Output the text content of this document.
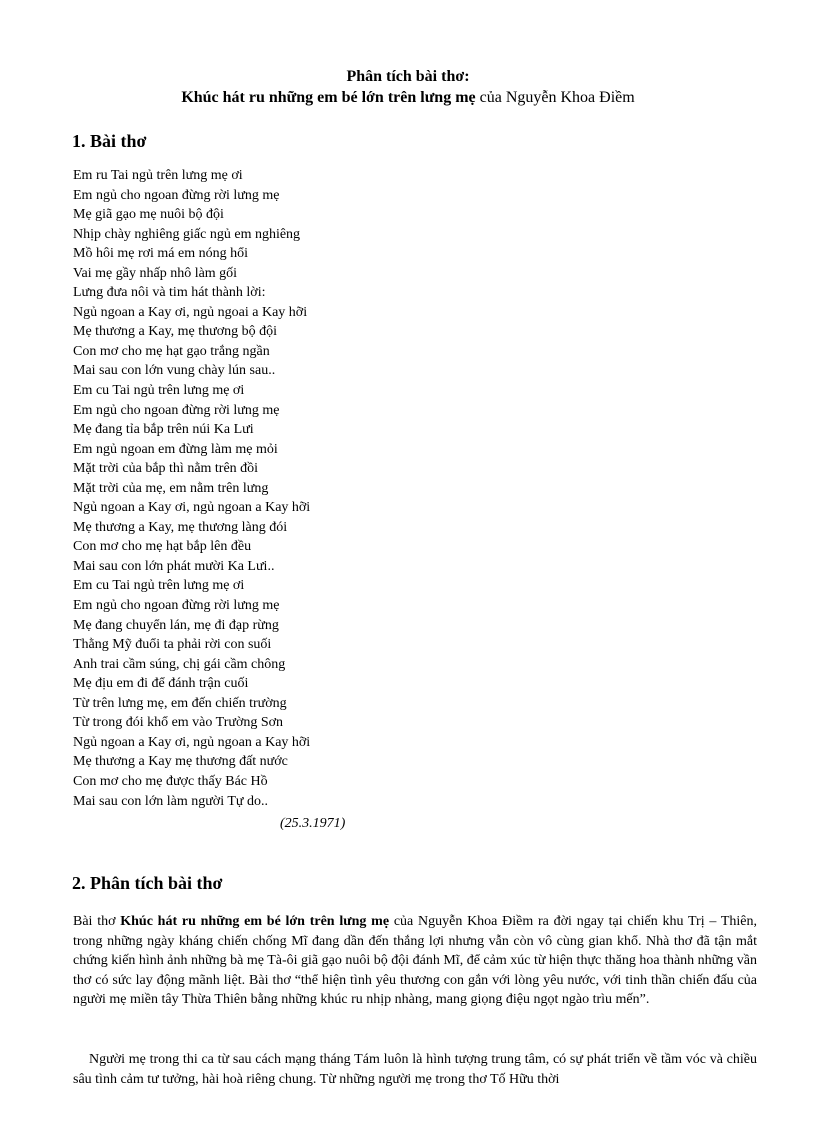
Phân tích bài thơ:
Khúc hát ru những em bé lớn trên lưng mẹ của Nguyễn Khoa Điềm
1. Bài thơ
Em ru Tai ngủ trên lưng mẹ ơi
Em ngủ cho ngoan đừng rời lưng mẹ
Mẹ giã gạo mẹ nuôi bộ đội
Nhịp chày nghiêng giấc ngủ em nghiêng
Mồ hôi mẹ rơi má em nóng hổi
Vai mẹ gầy nhấp nhô làm gối
Lưng đưa nôi và tim hát thành lời:
Ngủ ngoan a Kay ơi, ngủ ngoai a Kay hỡi
Mẹ thương a Kay, mẹ thương bộ đội
Con mơ cho mẹ hạt gạo trắng ngần
Mai sau con lớn vung chày lún sau..
Em cu Tai ngủ trên lưng mẹ ơi
Em ngủ cho ngoan đừng rời lưng mẹ
Mẹ đang tỉa bắp trên núi Ka Lưi
Em ngủ ngoan em đừng làm mẹ mỏi
Mặt trời của bắp thì nằm trên đồi
Mặt trời của mẹ, em nằm trên lưng
Ngủ ngoan a Kay ơi, ngủ ngoan a Kay hỡi
Mẹ thương a Kay, mẹ thương làng đói
Con mơ cho mẹ hạt bắp lên đều
Mai sau con lớn phát mười Ka Lưi..
Em cu Tai ngủ trên lưng mẹ ơi
Em ngủ cho ngoan đừng rời lưng mẹ
Mẹ đang chuyển lán, mẹ đi đạp rừng
Thằng Mỹ đuổi ta phải rời con suối
Anh trai cầm súng, chị gái cầm chông
Mẹ địu em đi để đánh trận cuối
Từ trên lưng mẹ, em đến chiến trường
Từ trong đói khổ em vào Trường Sơn
Ngủ ngoan a Kay ơi, ngủ ngoan a Kay hỡi
Mẹ thương a Kay mẹ thương đất nước
Con mơ cho mẹ được thấy Bác Hồ
Mai sau con lớn làm người Tự do..
(25.3.1971)
2. Phân tích bài thơ

Bài thơ Khúc hát ru những em bé lớn trên lưng mẹ của Nguyễn Khoa Điềm ra đời ngay tại chiến khu Trị – Thiên, trong những ngày kháng chiến chống Mĩ đang dần đến thắng lợi nhưng vẫn còn vô cùng gian khổ. Nhà thơ đã tận mắt chứng kiến hình ảnh những bà mẹ Tà-ôi giã gạo nuôi bộ đội đánh Mĩ, để cảm xúc từ hiện thực thăng hoa thành những vần thơ có sức lay động mãnh liệt. Bài thơ “thể hiện tình yêu thương con gắn với lòng yêu nước, với tinh thần chiến đấu của người mẹ miền tây Thừa Thiên bằng những khúc ru nhịp nhàng, mang giọng điệu ngọt ngào trìu mến”.

Người mẹ trong thi ca từ sau cách mạng tháng Tám luôn là hình tượng trung tâm, có sự phát triển về tầm vóc và chiều sâu tình cảm tư tưởng, hài hoà riêng chung. Từ những người mẹ trong thơ Tố Hữu thời
